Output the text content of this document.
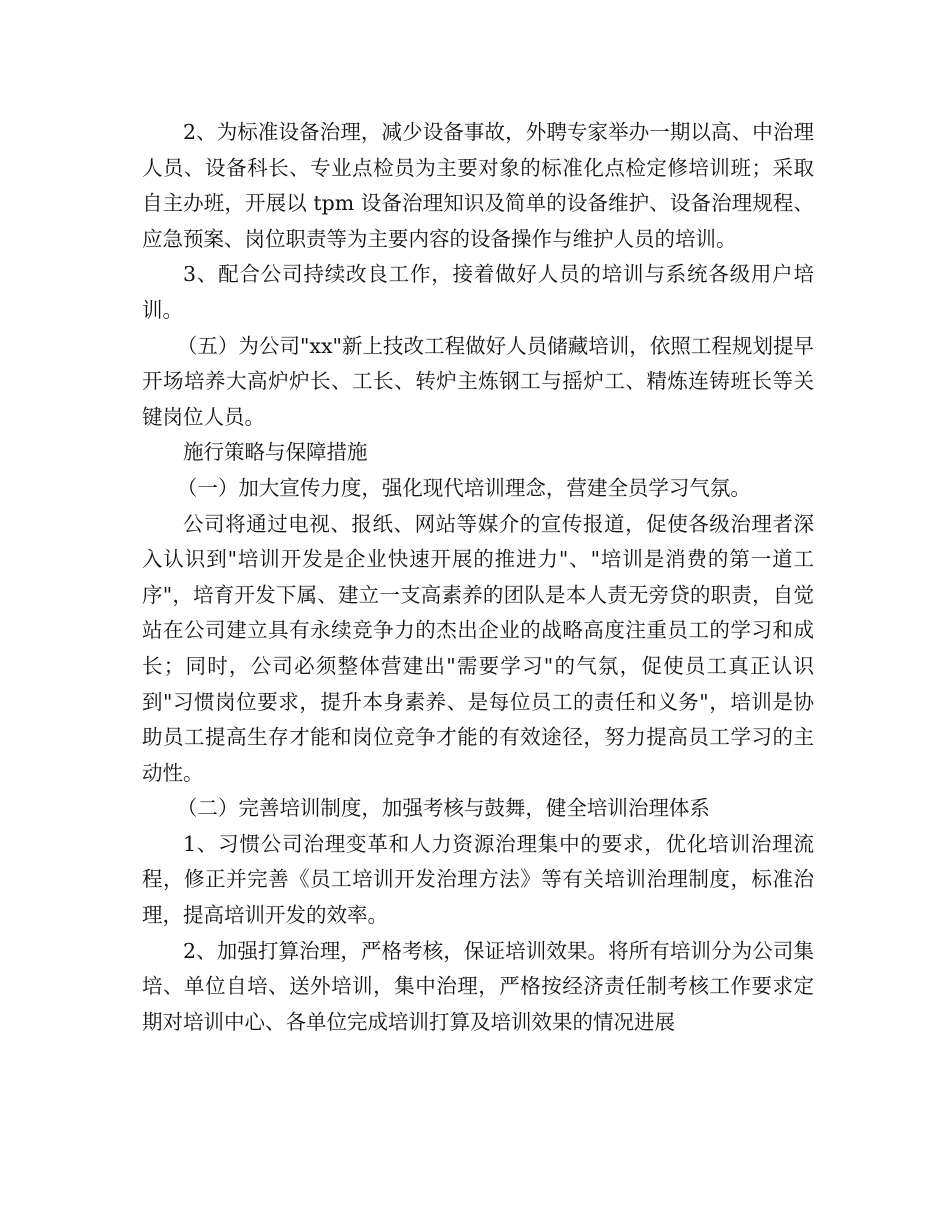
2、为标准设备治理，减少设备事故，外聘专家举办一期以高、中治理人员、设备科长、专业点检员为主要对象的标准化点检定修培训班；采取自主办班，开展以 tpm 设备治理知识及简单的设备维护、设备治理规程、应急预案、岗位职责等为主要内容的设备操作与维护人员的培训。

3、配合公司持续改良工作，接着做好人员的培训与系统各级用户培训。

（五）为公司"xx"新上技改工程做好人员储藏培训，依照工程规划提早开场培养大高炉炉长、工长、转炉主炼钢工与摇炉工、精炼连铸班长等关键岗位人员。

施行策略与保障措施

（一）加大宣传力度，强化现代培训理念，营建全员学习气氛。

公司将通过电视、报纸、网站等媒介的宣传报道，促使各级治理者深入认识到"培训开发是企业快速开展的推进力"、"培训是消费的第一道工序"，培育开发下属、建立一支高素养的团队是本人责无旁贷的职责，自觉站在公司建立具有永续竞争力的杰出企业的战略高度注重员工的学习和成长；同时，公司必须整体营建出"需要学习"的气氛，促使员工真正认识到"习惯岗位要求，提升本身素养、是每位员工的责任和义务"，培训是协助员工提高生存才能和岗位竞争才能的有效途径，努力提高员工学习的主动性。

（二）完善培训制度，加强考核与鼓舞，健全培训治理体系

1、习惯公司治理变革和人力资源治理集中的要求，优化培训治理流程，修正并完善《员工培训开发治理方法》等有关培训治理制度，标准治理，提高培训开发的效率。

2、加强打算治理，严格考核，保证培训效果。将所有培训分为公司集培、单位自培、送外培训，集中治理，严格按经济责任制考核工作要求定期对培训中心、各单位完成培训打算及培训效果的情况进展
